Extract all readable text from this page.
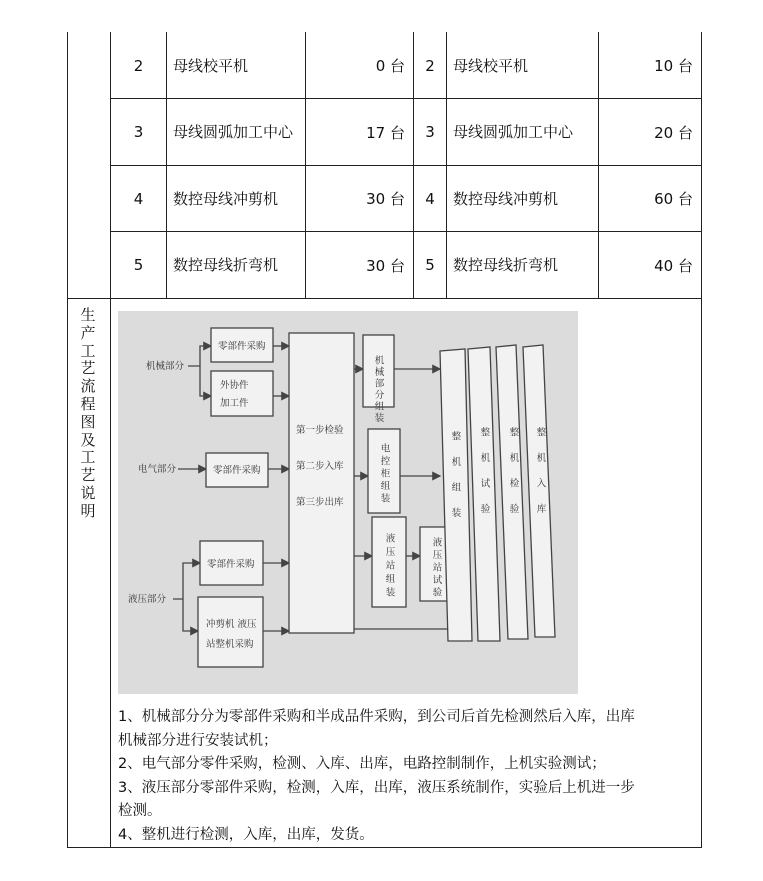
2	母线校平机	0 台	2	母线校平机	10 台
3	母线圆弧加工中心	17 台	3	母线圆弧加工中心	20 台
4	数控母线冲剪机	30 台	4	数控母线冲剪机	60 台
5	数控母线折弯机	30 台	5	数控母线折弯机	40 台
生产工艺流程图及工艺说明
机械部分
电气部分
液压部分
零部件采购
外协件
加工件
零部件采购
第一步检验
第二步入库
第三步出库
零部件采购
冲剪机 液压
站整机采购
机械部分组装
电控柜组装
液压站组装	液压站试验
整机组装 整机试验 整机检验 整机入库
1、机械部分分为零部件采购和半成品件采购，到公司后首先检测然后入库，出库
机械部分进行安装试机；
2、电气部分零件采购，检测、入库、出库，电路控制制作，上机实验测试；
3、液压部分零部件采购，检测，入库，出库，液压系统制作，实验后上机进一步
检测。
4、整机进行检测，入库，出库，发货。
